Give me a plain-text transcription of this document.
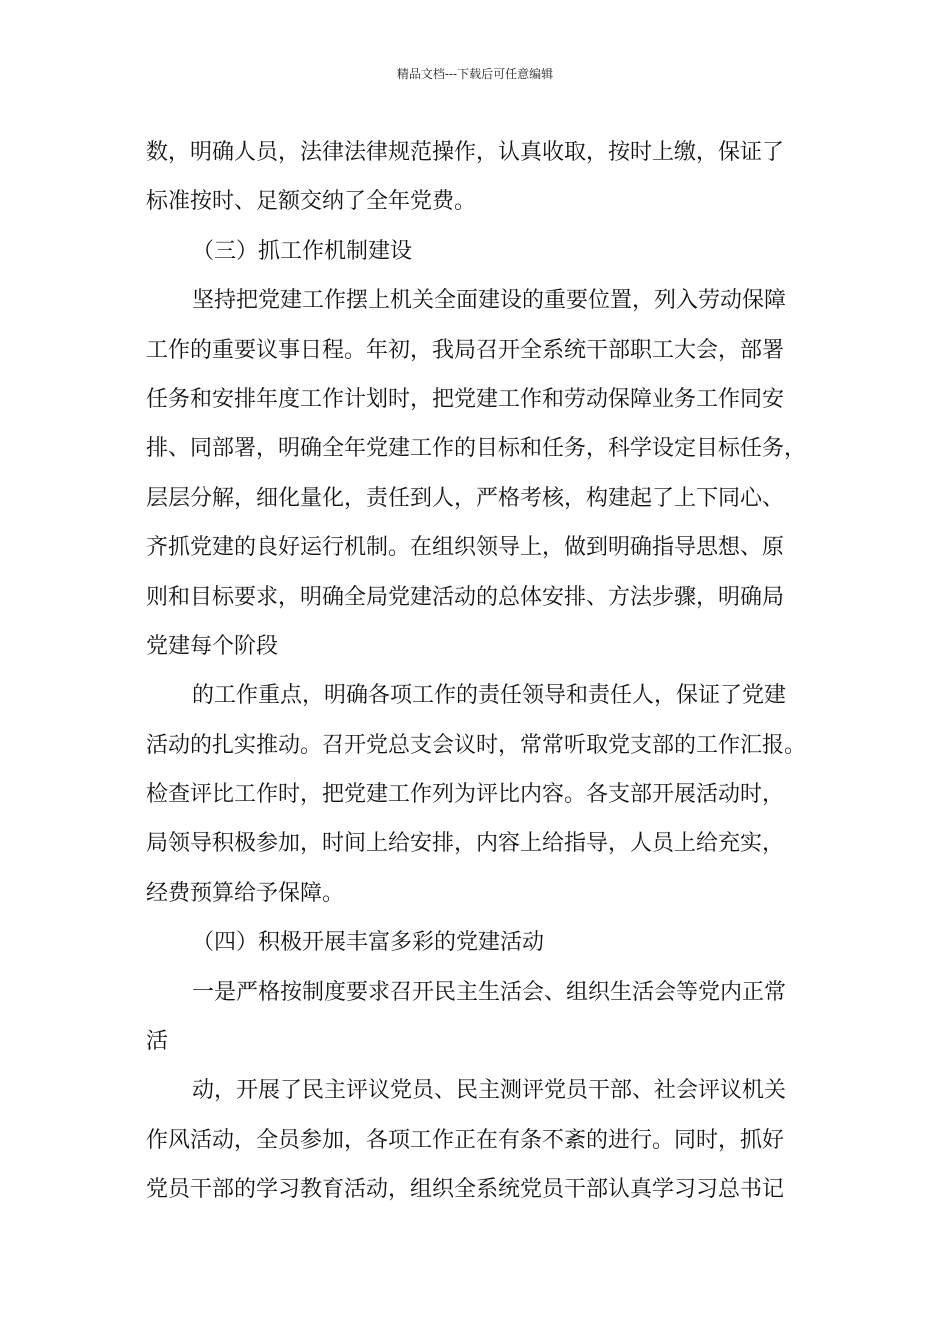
精品文档---下载后可任意编辑
数，明确人员，法律法律规范操作，认真收取，按时上缴，保证了
标准按时、足额交纳了全年党费。
（三）抓工作机制建设
坚持把党建工作摆上机关全面建设的重要位置，列入劳动保障
工作的重要议事日程。年初，我局召开全系统干部职工大会，部署
任务和安排年度工作计划时，把党建工作和劳动保障业务工作同安
排、同部署，明确全年党建工作的目标和任务，科学设定目标任务，
层层分解，细化量化，责任到人，严格考核，构建起了上下同心、
齐抓党建的良好运行机制。在组织领导上，做到明确指导思想、原
则和目标要求，明确全局党建活动的总体安排、方法步骤，明确局
党建每个阶段
的工作重点，明确各项工作的责任领导和责任人，保证了党建
活动的扎实推动。召开党总支会议时，常常听取党支部的工作汇报。
检查评比工作时，把党建工作列为评比内容。各支部开展活动时，
局领导积极参加，时间上给安排，内容上给指导，人员上给充实，
经费预算给予保障。
（四）积极开展丰富多彩的党建活动
一是严格按制度要求召开民主生活会、组织生活会等党内正常
活
动，开展了民主评议党员、民主测评党员干部、社会评议机关
作风活动，全员参加，各项工作正在有条不紊的进行。同时，抓好
党员干部的学习教育活动，组织全系统党员干部认真学习习总书记
